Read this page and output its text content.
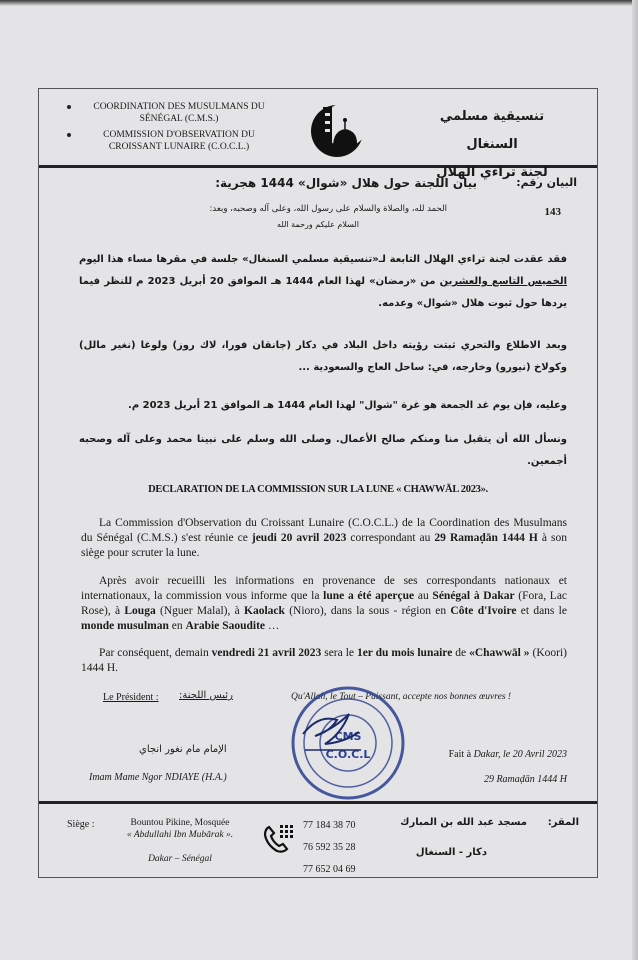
COORDINATION DES MUSULMANS DU SÉNÉGAL (C.M.S.)
COMMISSION D'OBSERVATION DU CROISSANT LUNAIRE (C.O.C.L.)
تنسيقية مسلمي السنغال
لجنة تراءي الهلال
البيان رقم:
بيان اللجنة حول هلال «شوال» 1444 هجرية:
143
الحمد لله، والصلاة والسلام على رسول الله، وعلى آله وصحبه، وبعد:
السلام عليكم ورحمة الله
فقد عقدت لجنة تراءي الهلال التابعة لـ«تنسيقية مسلمي السنغال» جلسة في مقرها مساء هذا اليوم الخميس التاسع والعشرين من «رمضان» لهذا العام 1444 هـ الموافق 20 أبريل 2023 م للنظر فيما يردها حول ثبوت هلال «شوال» وعدمه.
وبعد الاطلاع والتحري ثبتت رؤيته داخل البلاد في دكار (جانقان فورا، لاك روز) ولوغا (نغير مالل) وكولاخ (نيورو) وخارجه، في: ساحل العاج والسعودية ...
وعليه، فإن يوم غد الجمعة هو غرة "شوال" لهذا العام 1444 هـ الموافق 21 أبريل 2023 م.
ونسأل الله أن يتقبل منا ومنكم صالح الأعمال. وصلى الله وسلم على نبينا محمد وعلى آله وصحبه أجمعين.
DECLARATION DE LA COMMISSION SUR LA LUNE « CHAWWĀL 2023».
La Commission d'Observation du Croissant Lunaire (C.O.C.L.) de la Coordination des Musulmans du Sénégal (C.M.S.) s'est réunie ce jeudi 20 avril 2023 correspondant au 29 Ramaḍān 1444 H à son siège pour scruter la lune.
Après avoir recueilli les informations en provenance de ses correspondants nationaux et internationaux, la commission vous informe que la lune a été aperçue au Sénégal à Dakar (Fora, Lac Rose), à Louga (Nguer Malal), à Kaolack (Nioro), dans la sous - région en Côte d'Ivoire et dans le monde musulman en Arabie Saoudite …
Par conséquent, demain vendredi 21 avril 2023 sera le 1er du mois lunaire de «Chawwāl » (Koori) 1444 H.
Le Président : رئيس اللجنة:	Qu'Allah, le Tout – Puissant, accepte nos bonnes œuvres !
CMS
C.O.C.L
الإمام مام نغور انجاي
Imam Mame Ngor NDIAYE (H.A.)
Fait à Dakar, le 20 Avril 2023
29 Ramaḍān 1444 H
Siège :	Bountou Pikine, Mosquée
« Abdullahi Ibn Mubārak ».
Dakar – Sénégal
77 184 38 70
76 592 35 28
77 652 04 69
المقر:
مسجد عبد الله بن المبارك
دكار - السنغال
